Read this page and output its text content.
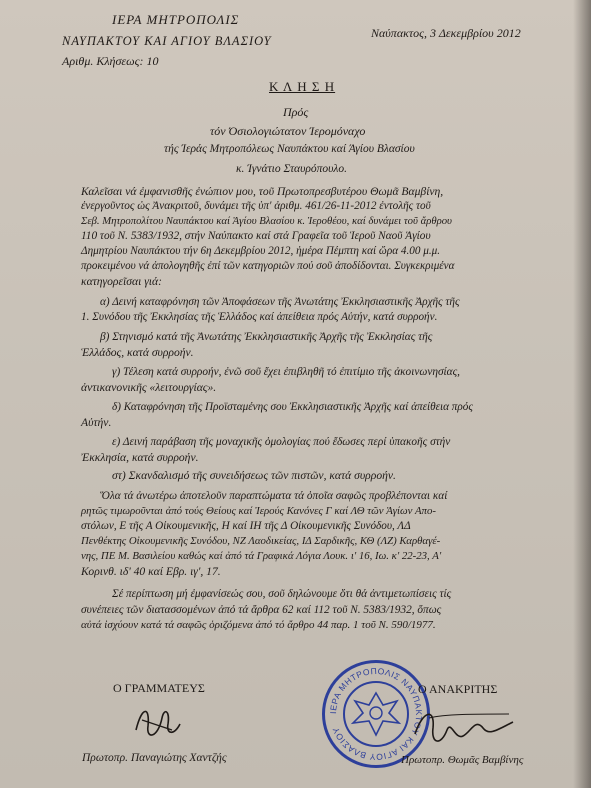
ΙΕΡΑ ΜΗΤΡΟΠΟΛΙΣ
ΝΑΥΠΑΚΤΟΥ ΚΑΙ ΑΓΙΟΥ ΒΛΑΣΙΟΥ
Αριθμ. Κλήσεως: 10
Ναύπακτος, 3 Δεκεμβρίου 2012
Κ Λ Η Σ Η
Πρός
τόν Όσιολογιώτατον Ίερομόναχο
τής Ίεράς Μητροπόλεως Ναυπάκτου καί Άγίου Βλασίου
κ. Ίγνάτιο Σταυρόπουλο.
Καλεῖσαι νά ἐμφανισθῆς ἐνώπιον μου, τοῦ Πρωτοπρεσβυτέρου Θωμᾶ Βαμβίνη,
ἐνεργοῦντος ὡς Ἀνακριτοῦ, δυνάμει τῆς ὑπ' ἀριθμ. 461/26-11-2012 ἐντολῆς τοῦ
Σεβ. Μητροπολίτου Ναυπάκτου καί Ἁγίου Βλασίου κ. Ἱεροθέου, καί δυνάμει τοῦ ἄρθρου
110 τοῦ Ν. 5383/1932, στήν Ναύπακτο καί στά Γραφεῖα τοῦ Ἱεροῦ Ναοῦ Ἁγίου
Δημητρίου Ναυπάκτου τήν 6η Δεκεμβρίου 2012, ἡμέρα Πέμπτη καί ὥρα 4.00 μ.μ.
προκειμένου νά ἀπολογηθῆς ἐπί τῶν κατηγοριῶν πού σοῦ ἀποδίδονται. Συγκεκριμένα
κατηγορεῖσαι γιά:
α) Δεινή καταφρόνηση τῶν Ἀποφάσεων τῆς Ἀνωτάτης Ἐκκλησιαστικῆς Ἀρχῆς τῆς
1. Συνόδου τῆς Ἐκκλησίας τῆς Ἑλλάδος καί ἀπείθεια πρός Αὐτήν, κατά συρροήν.
β) Στηνισμό κατά τῆς Ἀνωτάτης Ἐκκλησιαστικῆς Ἀρχῆς τῆς Ἐκκλησίας τῆς
Ἑλλάδος, κατά συρροήν.
γ) Τέλεση κατά συρροήν, ἐνῶ σοῦ ἔχει ἐπιβληθῆ τό ἐπιτίμιο τῆς ἀκοινωνησίας,
ἀντικανονικῆς «λειτουργίας».
δ) Καταφρόνηση τῆς Προϊσταμένης σου Ἐκκλησιαστικῆς Ἀρχῆς καί ἀπείθεια πρός
Αὐτήν.
ε) Δεινή παράβαση τῆς μοναχικῆς ὁμολογίας πού ἔδωσες περί ὑπακοῆς στήν
Ἐκκλησία, κατά συρροήν.
στ) Σκανδαλισμό τῆς συνειδήσεως τῶν πιστῶν, κατά συρροήν.
Ὅλα τά ἀνωτέρω ἀποτελοῦν παραπτώματα τά ὁποῖα σαφῶς προβλέπονται καί
ρητῶς τιμωροῦνται ἀπό τούς Θείους καί Ἱερούς Κανόνες Γ καί ΛΘ τῶν Ἁγίων Απο-
στόλων, Ε τῆς Α Οἰκουμενικῆς, Η καί ΙΗ τῆς Δ Οἰκουμενικῆς Συνόδου, ΛΔ
Πενθέκτης Οἰκουμενικῆς Συνόδου, ΝΖ Λαοδικείας, ΙΔ Σαρδικῆς, ΚΘ (ΛΖ) Καρθαγέ-
νης, ΠΕ Μ. Βασιλείου καθώς καί ἀπό τά Γραφικά Λόγια Λουκ. ι' 16, Ιω. κ' 22-23, Α'
Κορινθ. ιδ' 40 καί Εβρ. ιγ', 17.
Σέ περίπτωση μή ἐμφανίσεώς σου, σοῦ δηλώνουμε ὅτι θά ἀντιμετωπίσεις τίς
συνέπειες τῶν διατασσομένων ἀπό τά ἄρθρα 62 καί 112 τοῦ Ν. 5383/1932, ὅπως
αὐτά ἰσχύουν κατά τά σαφῶς ὁριζόμενα ἀπό τό ἄρθρο 44 παρ. 1 τοῦ Ν. 590/1977.
Ο ΓΡΑΜΜΑΤΕΥΣ
Πρωτοπρ. Παναγιώτης Χαντζής
ΙΕΡΑ ΜΗΤΡΟΠΟΛΙΣ ΝΑΥΠΑΚΤΟΥ ΚΑΙ ΑΓΙΟΥ ΒΛΑΣΙΟΥ
Ο ΑΝΑΚΡΙΤΗΣ
Πρωτοπρ. Θωμᾶς Βαμβίνης
